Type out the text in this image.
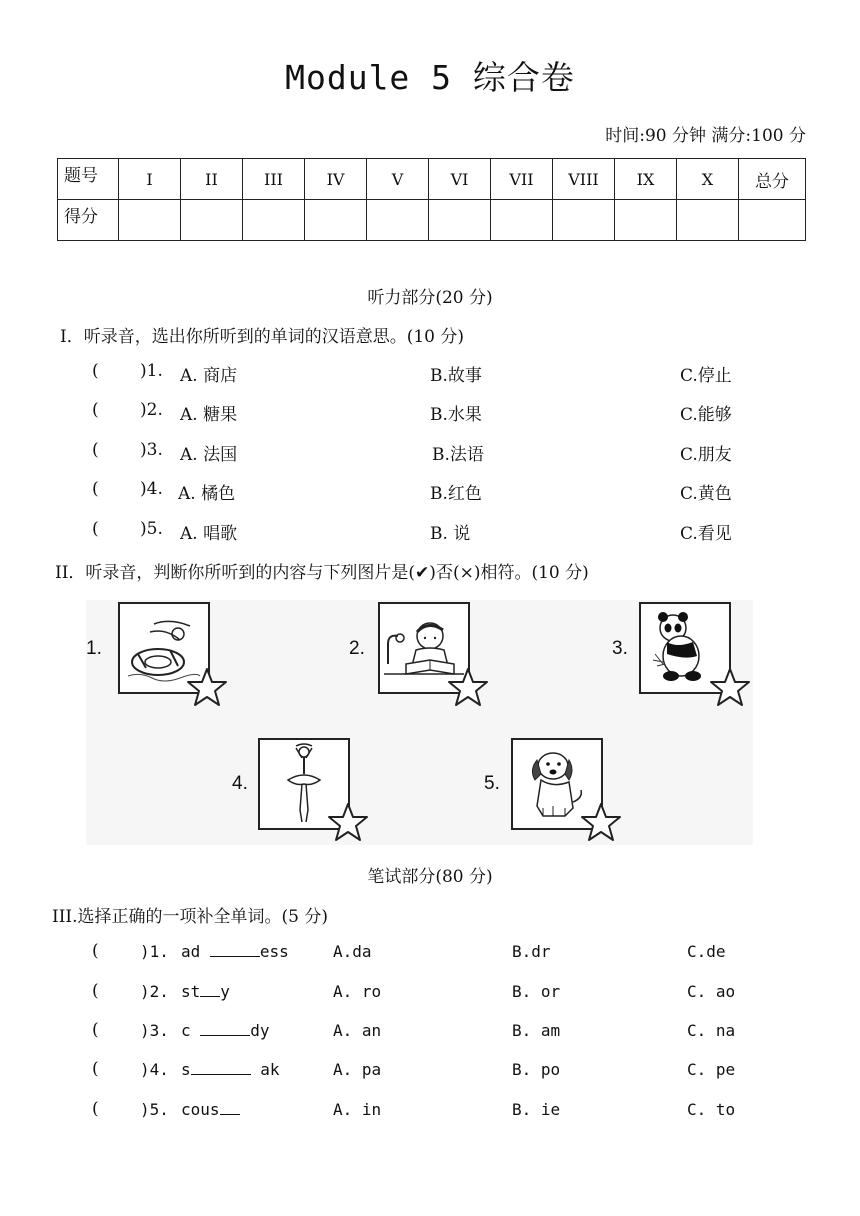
Module 5 综合卷
时间:90 分钟 满分:100 分
题号	I	II	III	IV	V	VI	VII	VIII	IX	X	总分
得分											
听力部分(20 分)
I．听录音，选出你所听到的单词的汉语意思。(10 分)
( )1. A. 商店	B.故事	C.停止
( )2. A. 糖果	B.水果	C.能够
( )3. A. 法国	B.法语	C.朋友
( )4. A. 橘色	B.红色	C.黄色
( )5. A. 唱歌	B. 说	C.看见
II．听录音，判断你所听到的内容与下列图片是(✔)否(×)相符。(10 分)
1.	2.	3.
4.	5.
笔试部分(80 分)
III.选择正确的一项补全单词。(5 分)
(	)1. ad	ess	A.da	B.dr	C.de
(	)2. st y	A. ro	B. or	C. ao
(	)3. c	dy	A. an	B. am	C. na
(	)4. s	ak	A. pa	B. po	C. pe
(	)5. cous	A. in	B. ie	C. to
